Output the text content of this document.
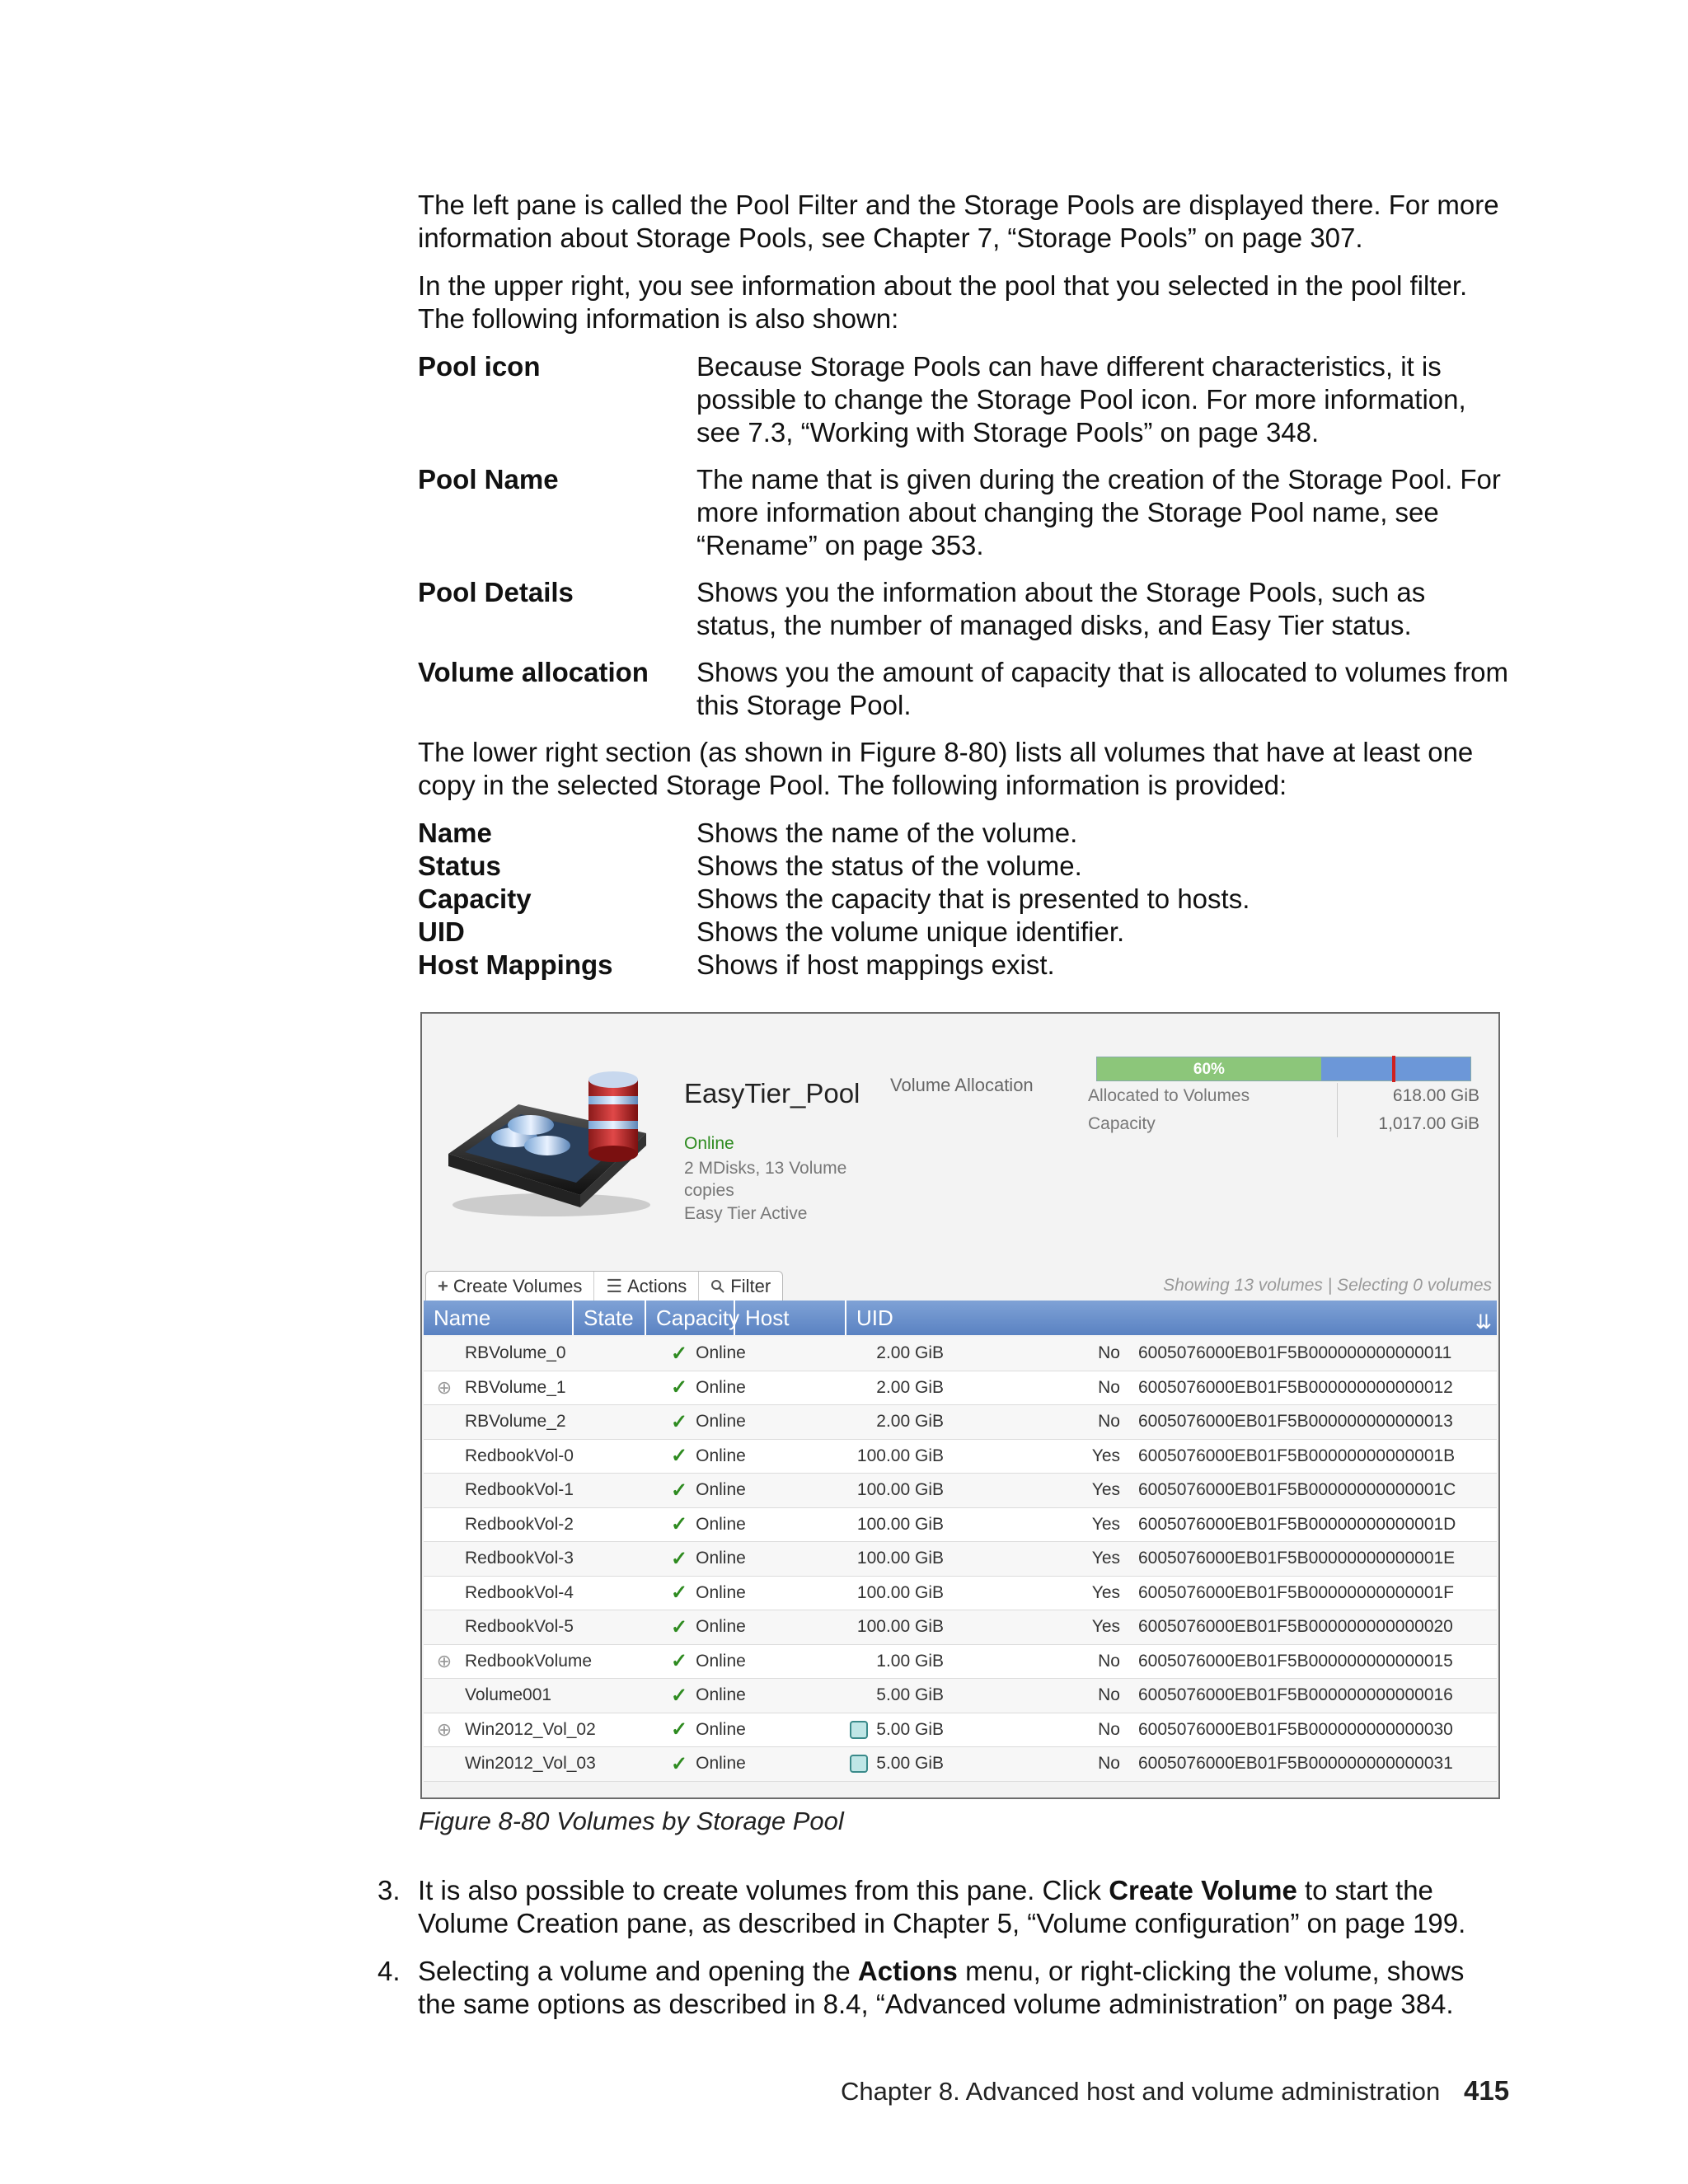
The left pane is called the Pool Filter and the Storage Pools are displayed there. For more
information about Storage Pools, see Chapter 7, “Storage Pools” on page 307.
In the upper right, you see information about the pool that you selected in the pool filter.
The following information is also shown:
Pool icon	Because Storage Pools can have different characteristics, it is
possible to change the Storage Pool icon. For more information,
see 7.3, “Working with Storage Pools” on page 348.
Pool Name	The name that is given during the creation of the Storage Pool. For
more information about changing the Storage Pool name, see
“Rename” on page 353.
Pool Details	Shows you the information about the Storage Pools, such as
status, the number of managed disks, and Easy Tier status.
Volume allocation	Shows you the amount of capacity that is allocated to volumes from
this Storage Pool.
The lower right section (as shown in Figure 8-80) lists all volumes that have at least one
copy in the selected Storage Pool. The following information is provided:
Name	Shows the name of the volume.
Status	Shows the status of the volume.
Capacity	Shows the capacity that is presented to hosts.
UID	Shows the volume unique identifier.
Host Mappings	Shows if host mappings exist.
EasyTier_Pool
Online
2 MDisks, 13 Volume
copies
Easy Tier Active
Volume Allocation
60%
Allocated to Volumes	618.00 GiB
Capacity	1,017.00 GiB
+ Create Volumes ☰ Actions Filter	Showing 13 volumes | Selecting 0 volumes
Name	State	Capacity Host	UID	⇊
RBVolume_0	✓ Online	2.00 GiB	No	6005076000EB01F5B000000000000011
⊕ RBVolume_1	✓ Online	2.00 GiB	No	6005076000EB01F5B000000000000012
RBVolume_2	✓ Online	2.00 GiB	No	6005076000EB01F5B000000000000013
RedbookVol-0	✓ Online	100.00 GiB	Yes	6005076000EB01F5B00000000000001B
RedbookVol-1	✓ Online	100.00 GiB	Yes	6005076000EB01F5B00000000000001C
RedbookVol-2	✓ Online	100.00 GiB	Yes	6005076000EB01F5B00000000000001D
RedbookVol-3	✓ Online	100.00 GiB	Yes	6005076000EB01F5B00000000000001E
RedbookVol-4	✓ Online	100.00 GiB	Yes	6005076000EB01F5B00000000000001F
RedbookVol-5	✓ Online	100.00 GiB	Yes	6005076000EB01F5B000000000000020
⊕ RedbookVolume	✓ Online	1.00 GiB	No	6005076000EB01F5B000000000000015
Volume001	✓ Online	5.00 GiB	No	6005076000EB01F5B000000000000016
⊕ Win2012_Vol_02	✓ Online	5.00 GiB	No	6005076000EB01F5B000000000000030
Win2012_Vol_03	✓ Online	5.00 GiB	No	6005076000EB01F5B000000000000031
Figure 8-80 Volumes by Storage Pool
3. It is also possible to create volumes from this pane. Click Create Volume to start the
Volume Creation pane, as described in Chapter 5, “Volume configuration” on page 199.
4. Selecting a volume and opening the Actions menu, or right-clicking the volume, shows
the same options as described in 8.4, “Advanced volume administration” on page 384.
Chapter 8. Advanced host and volume administration 415
